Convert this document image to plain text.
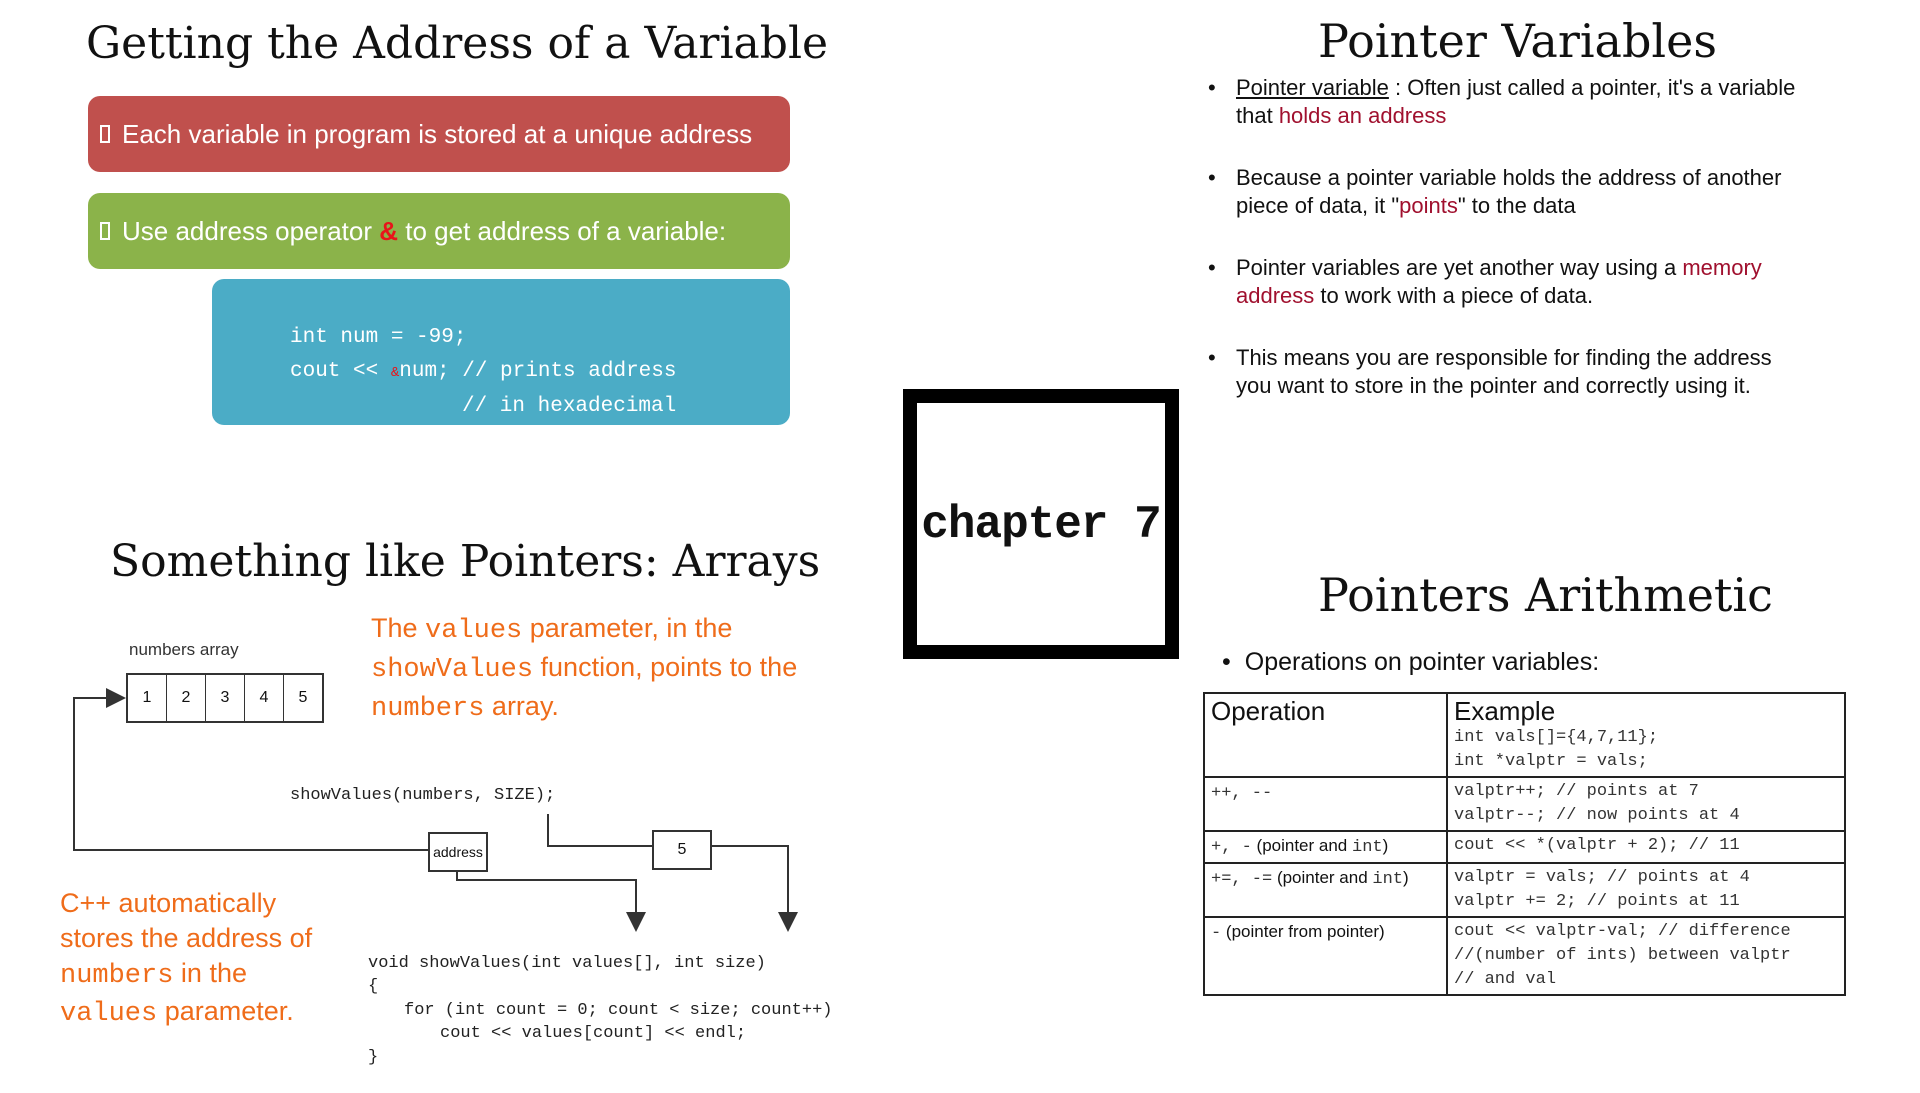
Getting the Address of a Variable
Each variable in program is stored at a unique address
Use address operator & to get address of a variable:

int num = -99;
cout << &num; // prints address
// in hexadecimal

chapter 7
Pointer Variables
• Pointer variable : Often just called a pointer, it's a variable that holds an address
• Because a pointer variable holds the address of another piece of data, it "points" to the data
• Pointer variables are yet another way using a memory address to work with a piece of data.
• This means you are responsible for finding the address you want to store in the pointer and correctly using it.
Something like Pointers: Arrays
numbers array
1	2	3	4	5
showValues(numbers, SIZE);
address	5

void showValues(int values[], int size)
{
for (int count = 0; count < size; count++)
cout << values[count] << endl;
}

The values parameter, in the showValues function, points to the numbers array.
C++ automatically stores the address of numbers in the values parameter.
Pointers Arithmetic
• Operations on pointer variables:
Operation	Example
int vals[]={4,7,11};
int *valptr = vals;

++, --	valptr++; // points at 7
valptr--; // now points at 4

+, - (pointer and int)	cout << *(valptr + 2); // 11

+=, -= (pointer and int)	valptr = vals; // points at 4
valptr += 2; // points at 11

- (pointer from pointer)	cout << valptr-val; // difference
//(number of ints) between valptr
// and val
